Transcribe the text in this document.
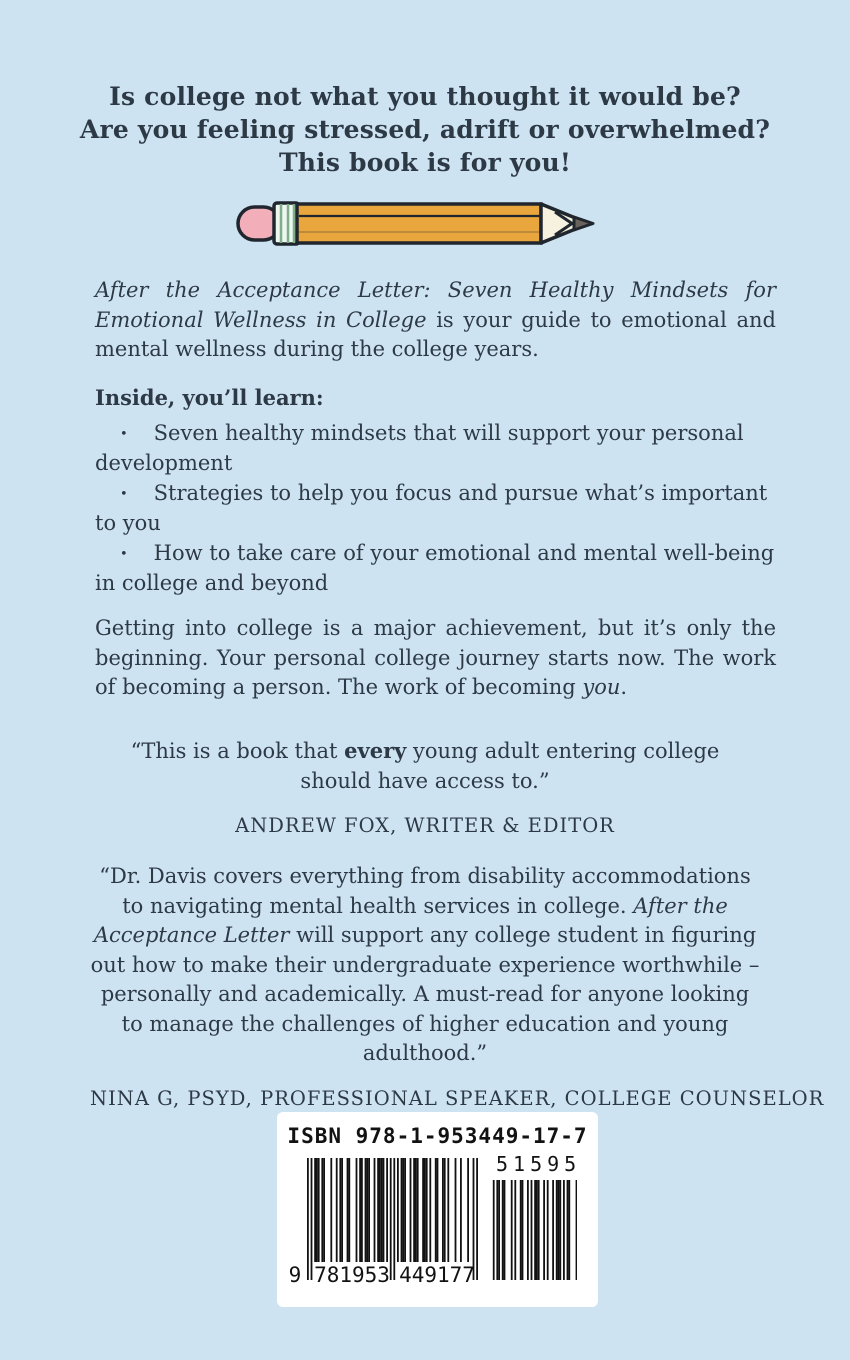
Is college not what you thought it would be?
Are you feeling stressed, adrift or overwhelmed?
This book is for you!

After the Acceptance Letter: Seven Healthy Mindsets for Emotional Wellness in College is your guide to emotional and mental wellness during the college years.

Inside, you’ll learn:

• Seven healthy mindsets that will support your personal development

• Strategies to help you focus and pursue what’s important to you

• How to take care of your emotional and mental well-being in college and beyond

Getting into college is a major achievement, but it’s only the beginning. Your personal college journey starts now. The work of becoming a person. The work of becoming you.

“This is a book that every young adult entering college should have access to.”
ANDREW FOX, WRITER & EDITOR
“Dr. Davis covers everything from disability accommodations to navigating mental health services in college. After the Acceptance Letter will support any college student in figuring out how to make their undergraduate experience worthwhile – personally and academically. A must-read for anyone looking to manage the challenges of higher education and young adulthood.”
NINA G, PSYD, PROFESSIONAL SPEAKER, COLLEGE COUNSELOR
ISBN 978-1-953449-17-7
9 781953 449177
51595
